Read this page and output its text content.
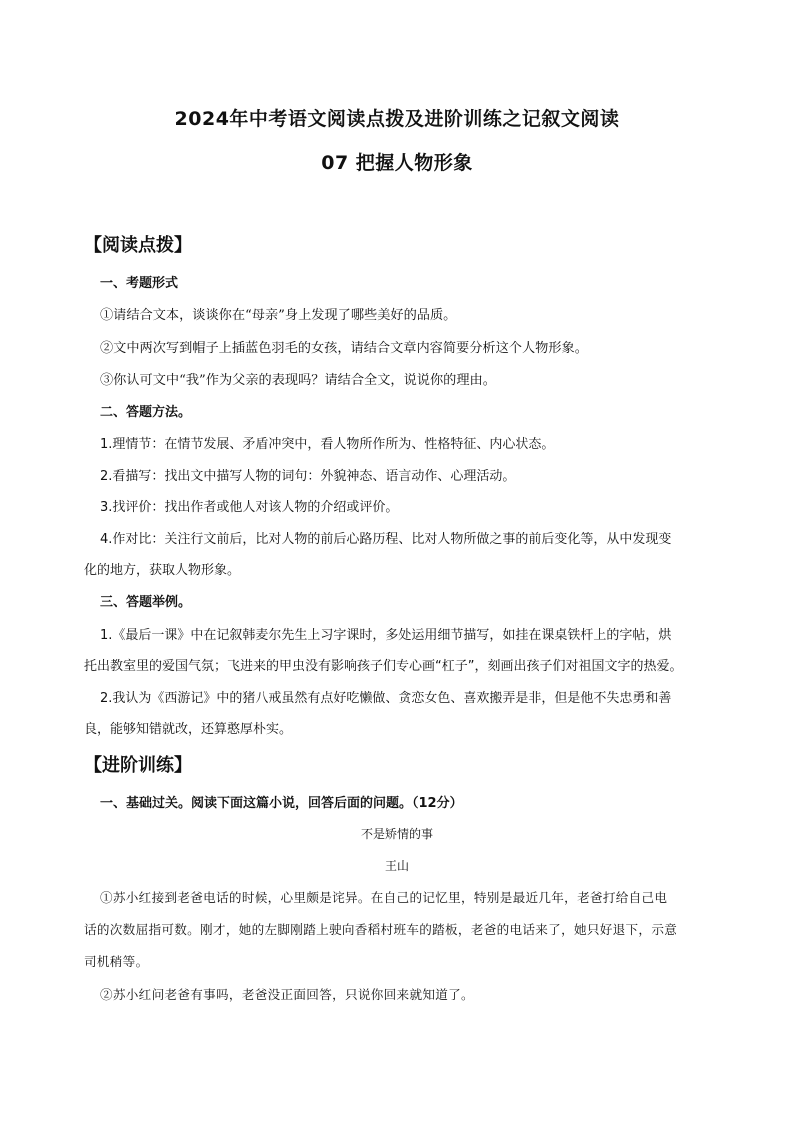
2024年中考语文阅读点拨及进阶训练之记叙文阅读
07 把握人物形象
【阅读点拨】
一、考题形式
①请结合文本，谈谈你在“母亲”身上发现了哪些美好的品质。
②文中两次写到帽子上插蓝色羽毛的女孩，请结合文章内容简要分析这个人物形象。
③你认可文中“我”作为父亲的表现吗？请结合全文，说说你的理由。
二、答题方法。
1.理情节：在情节发展、矛盾冲突中，看人物所作所为、性格特征、内心状态。
2.看描写：找出文中描写人物的词句：外貌神态、语言动作、心理活动。
3.找评价：找出作者或他人对该人物的介绍或评价。
4.作对比：关注行文前后，比对人物的前后心路历程、比对人物所做之事的前后变化等，从中发现变
化的地方，获取人物形象。
三、答题举例。
1.《最后一课》中在记叙韩麦尔先生上习字课时，多处运用细节描写，如挂在课桌铁杆上的字帖，烘
托出教室里的爱国气氛；飞进来的甲虫没有影响孩子们专心画“杠子”，刻画出孩子们对祖国文字的热爱。
2.我认为《西游记》中的猪八戒虽然有点好吃懒做、贪恋女色、喜欢搬弄是非，但是他不失忠勇和善
良，能够知错就改，还算憨厚朴实。
【进阶训练】
一、基础过关。阅读下面这篇小说，回答后面的问题。（12分）
不是矫情的事
王山
①苏小红接到老爸电话的时候，心里颇是诧异。在自己的记忆里，特别是最近几年，老爸打给自己电
话的次数屈指可数。刚才，她的左脚刚踏上驶向香稻村班车的踏板，老爸的电话来了，她只好退下，示意
司机稍等。
②苏小红问老爸有事吗，老爸没正面回答，只说你回来就知道了。
